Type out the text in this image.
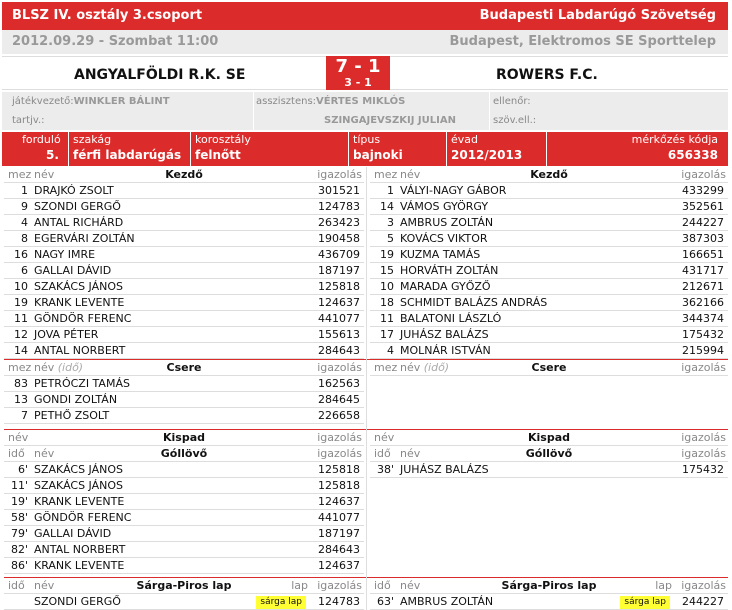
BLSZ IV. osztály 3.csoport	Budapesti Labdarúgó Szövetség
2012.09.29 - Szombat 11:00	Budapest, Elektromos SE Sporttelep
ANGYALFÖLDI R.K. SE	ROWERS F.C.
7 - 1
3 - 1
játékvezető:WINKLER BÁLINT
tartjv.:
asszisztens:VÉRTES MIKLÓS
SZINGAJEVSZKIJ JULIAN
ellenőr:
szöv.ell.:
forduló
5.
szakág
férfi labdarúgás
korosztály
felnőtt
típus
bajnoki
évad
2012/2013
mérkőzés kódja
656338
mez név	Kezdő	igazolás mez név	Kezdő	igazolás
1 DRAJKÓ ZSOLT	301521
9 SZONDI GERGŐ	124783
4 ANTAL RICHÁRD	263423
8 EGERVÁRI ZOLTÁN	190458
16 NAGY IMRE	436709
6 GALLAI DÁVID	187197
10 SZAKÁCS JÁNOS	125818
19 KRANK LEVENTE	124637
11 GÖNDÖR FERENC	441077
12 JOVA PÉTER	155613
14 ANTAL NORBERT	284643
1 VÁLYI-NAGY GÁBOR	433299
14 VÁMOS GYÖRGY	352561
3 AMBRUS ZOLTÁN	244227
5 KOVÁCS VIKTOR	387303
19 KUZMA TAMÁS	166651
15 HORVÁTH ZOLTÁN	431717
10 MARADA GYŐZŐ	212671
18 SCHMIDT BALÁZS ANDRÁS	362166
11 BALATONI LÁSZLÓ	344374
17 JUHÁSZ BALÁZS	175432
4 MOLNÁR ISTVÁN	215994
mez név (idő)	Csere	igazolás mez név (idő)	Csere	igazolás
83 PETRÓCZI TAMÁS	162563
13 GONDI ZOLTÁN	284645
7 PETHŐ ZSOLT	226658
név	Kispad	igazolás név	Kispad	igazolás
idő név	Góllövő	igazolás idő név	Góllövő	igazolás
6' SZAKÁCS JÁNOS	125818
11' SZAKÁCS JÁNOS	125818
19' KRANK LEVENTE	124637
58' GÖNDÖR FERENC	441077
79' GALLAI DÁVID	187197
82' ANTAL NORBERT	284643
86' KRANK LEVENTE	124637
38' JUHÁSZ BALÁZS	175432
idő név	Sárga-Piros lap	lap igazolás idő név	Sárga-Piros lap	lap igazolás
SZONDI GERGŐ	sárga lap	124783	63' AMBRUS ZOLTÁN	sárga lap	244227
